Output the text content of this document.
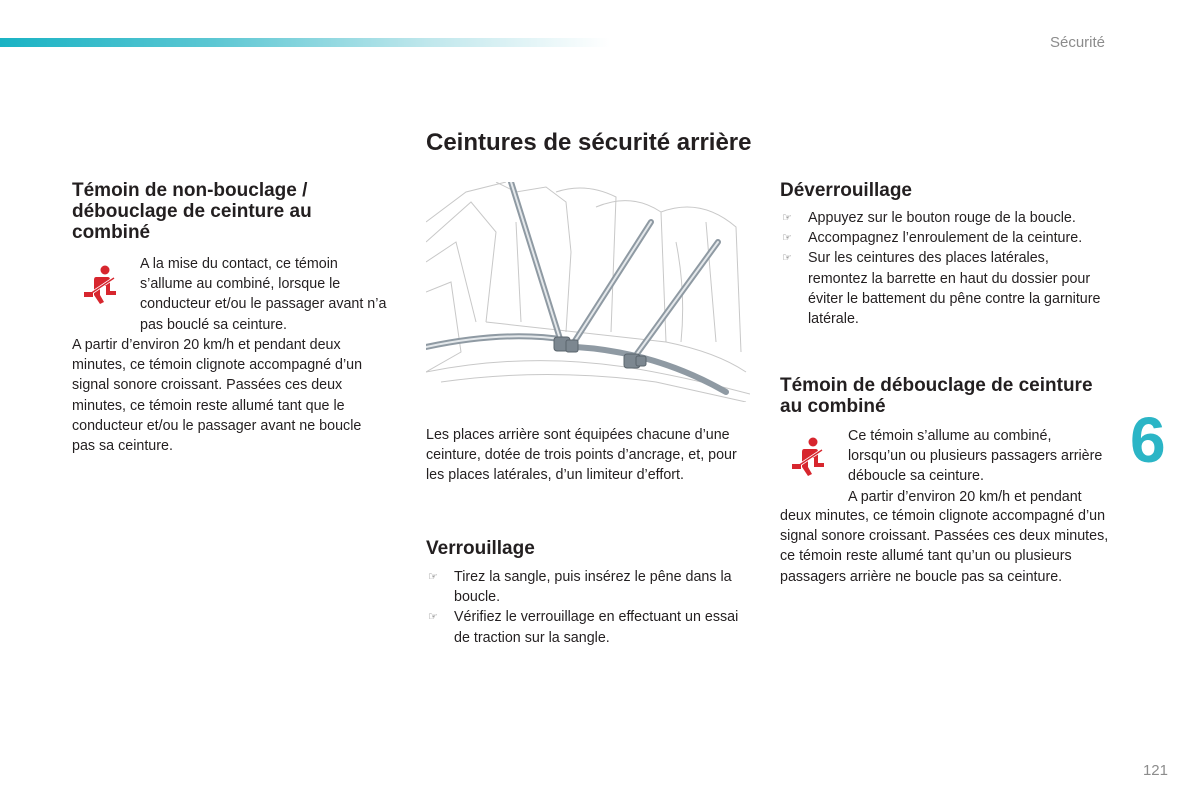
Sécurité
6
121
Témoin de non-bouclage / débouclage de ceinture au combiné

A la mise du contact, ce témoin s’allume au combiné, lorsque le conducteur et/ou le passager avant n’a pas bouclé sa ceinture.

A partir d’environ 20 km/h et pendant deux minutes, ce témoin clignote accompagné d’un signal sonore croissant. Passées ces deux minutes, ce témoin reste allumé tant que le conducteur et/ou le passager avant ne boucle pas sa ceinture.

Ceintures de sécurité arrière

Les places arrière sont équipées chacune d’une ceinture, dotée de trois points d’ancrage, et, pour les places latérales, d’un limiteur d’effort.

Verrouillage
☞ Tirez la sangle, puis insérez le pêne dans la boucle.
☞ Vérifiez le verrouillage en effectuant un essai de traction sur la sangle.
Déverrouillage
☞ Appuyez sur le bouton rouge de la boucle.
☞ Accompagnez l’enroulement de la ceinture.
☞ Sur les ceintures des places latérales, remontez la barrette en haut du dossier pour éviter le battement du pêne contre la garniture latérale.
Témoin de débouclage de ceinture au combiné

Ce témoin s’allume au combiné, lorsqu’un ou plusieurs passagers arrière déboucle sa ceinture.

A partir d’environ 20 km/h et pendant

deux minutes, ce témoin clignote accompagné d’un signal sonore croissant. Passées ces deux minutes, ce témoin reste allumé tant qu’un ou plusieurs passagers arrière ne boucle pas sa ceinture.
